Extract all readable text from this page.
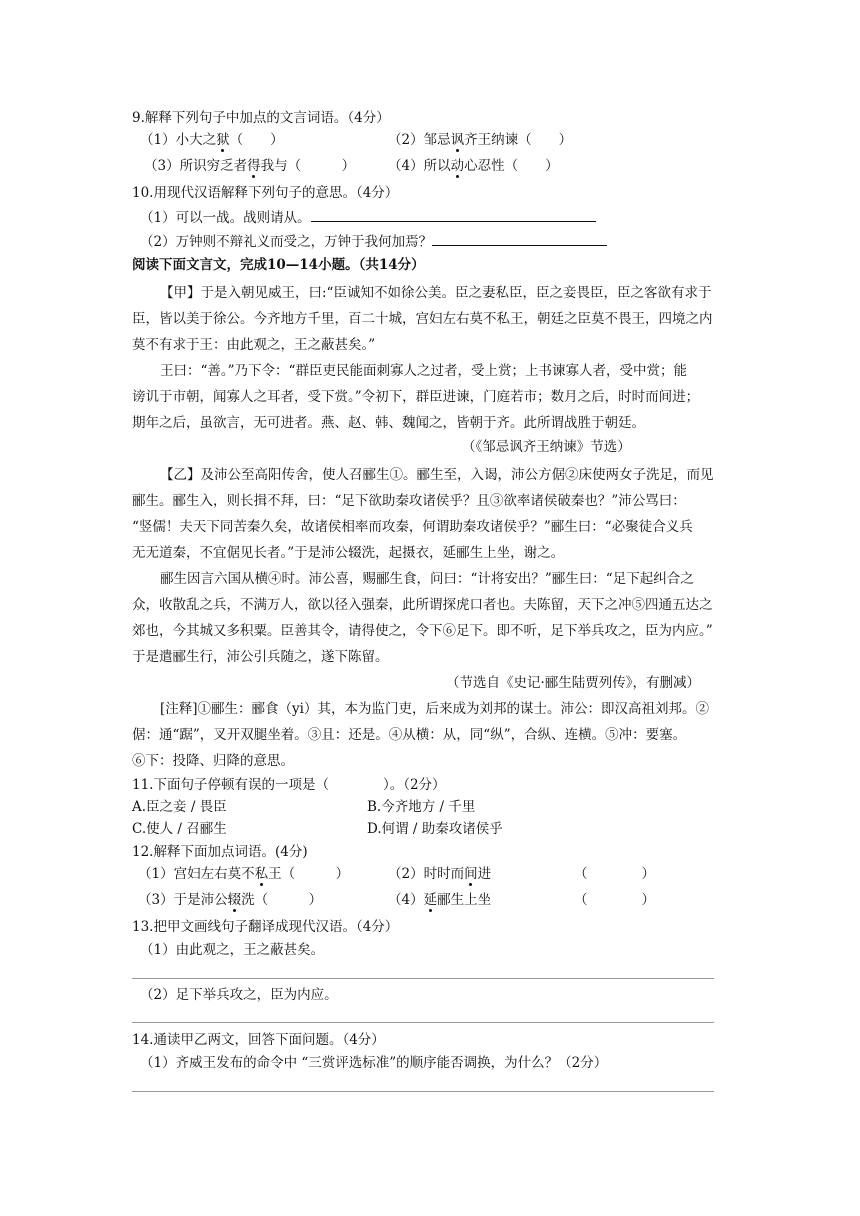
9.解释下列句子中加点的文言词语。（4分）
（1）小大之狱（　　）	（2）邹忌讽齐王纳谏（　　）
（3）所识穷乏者得我与（　　　） （4）所以动心忍性（　　）
10.用现代汉语解释下列句子的意思。（4分）
（1）可以一战。战则请从。
（2）万钟则不辩礼义而受之，万钟于我何加焉？
阅读下面文言文，完成10—14小题。（共14分）
【甲】于是入朝见威王，曰:“臣诚知不如徐公美。臣之妻私臣，臣之妾畏臣，臣之客欲有求于
臣，皆以美于徐公。今齐地方千里，百二十城，宫妇左右莫不私王，朝廷之臣莫不畏王，四境之内
莫不有求于王：由此观之，王之蔽甚矣。”
王曰：“善。”乃下令：“群臣吏民能面刺寡人之过者，受上赏；上书谏寡人者，受中赏；能
谤讥于市朝，闻寡人之耳者，受下赏。”令初下，群臣进谏，门庭若市；数月之后，时时而间进；
期年之后，虽欲言，无可进者。燕、赵、韩、魏闻之，皆朝于齐。此所谓战胜于朝廷。
（《邹忌讽齐王纳谏》节选）
【乙】及沛公至高阳传舍，使人召郦生①。郦生至，入谒，沛公方倨②床使两女子洗足，而见
郦生。郦生入，则长揖不拜，曰：“足下欲助秦攻诸侯乎？且③欲率诸侯破秦也？”沛公骂曰：
“竖儒！夫天下同苦秦久矣，故诸侯相率而攻秦，何谓助秦攻诸侯乎？”郦生曰：“必聚徒合义兵
无无道秦，不宜倨见长者。”于是沛公辍洗，起摄衣，延郦生上坐，谢之。
郦生因言六国从横④时。沛公喜，赐郦生食，问曰：“计将安出？”郦生曰：“足下起纠合之
众，收散乱之兵，不满万人，欲以径入强秦，此所谓探虎口者也。夫陈留，天下之冲⑤四通五达之
郊也，今其城又多积粟。臣善其令，请得使之，令下⑥足下。即不听，足下举兵攻之，臣为内应。”
于是遣郦生行，沛公引兵随之，遂下陈留。
（节选自《史记·郦生陆贾列传》，有删减）
[注释]①郦生：郦食（yi）其，本为监门吏，后来成为刘邦的谋士。沛公：即汉高祖刘邦。②
倨：通“踞”，叉开双腿坐着。③且：还是。④从横：从，同“纵”，合纵、连横。⑤冲：要塞。
⑥下：投降、归降的意思。
11.下面句子停顿有误的一项是（　　　　）。（2分）
A.臣之妾 / 畏臣	B.今齐地方 / 千里
C.使人 / 召郦生	D.何谓 / 助秦攻诸侯乎
12.解释下面加点词语。(4分)
（1）宫妇左右莫不私王（　　　）	（2）时时而间进	（　　　　）
（3）于是沛公辍洗（　　　）	（4）延郦生上坐	（　　　　）
13.把甲文画线句子翻译成现代汉语。（4分）
（1）由此观之，王之蔽甚矣。
（2）足下举兵攻之，臣为内应。
14.通读甲乙两文，回答下面问题。（4分）
（1）齐威王发布的命令中 “三赏评选标准”的顺序能否调换，为什么？（2分）
